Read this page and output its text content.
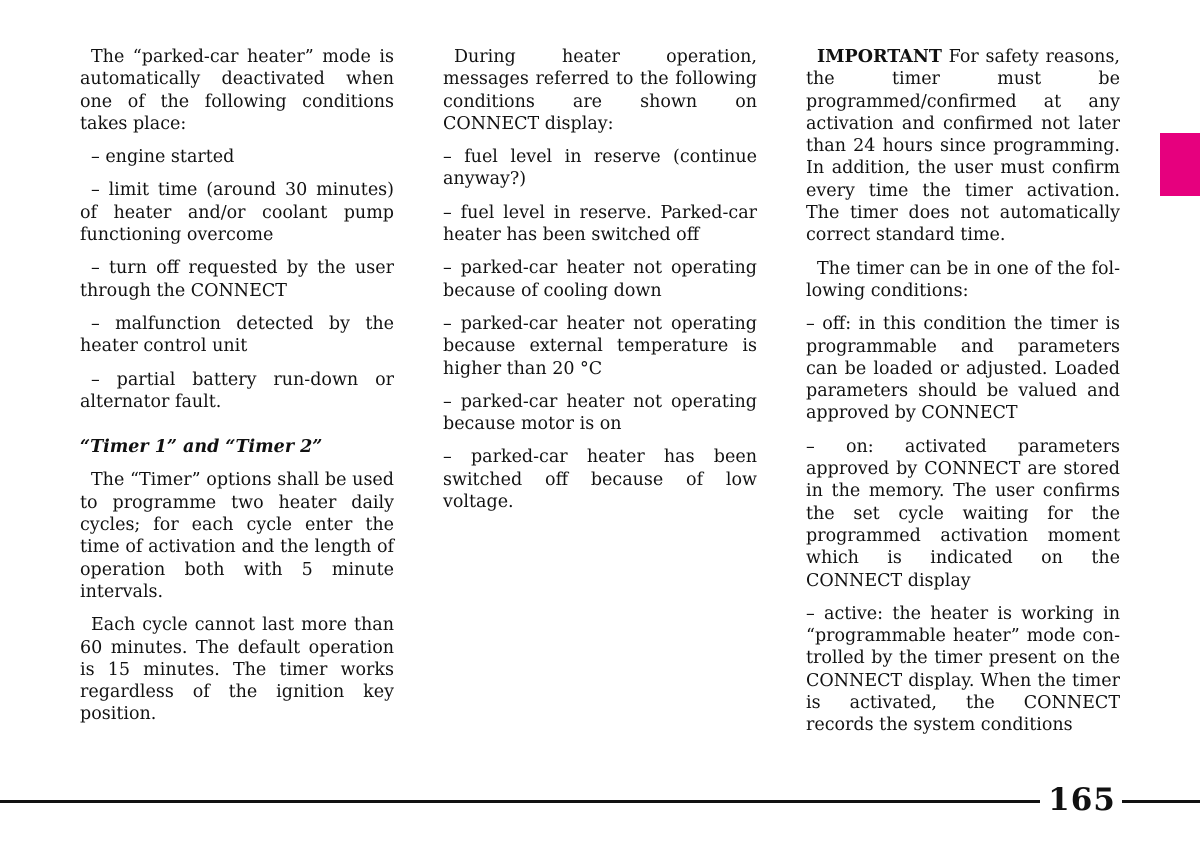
The “parked-car heater” mode is automatically deactivated when one of the following conditions takes place:

– engine started

– limit time (around 30 minutes) of heater and/or coolant pump functioning overcome

– turn off requested by the user through the CONNECT

– malfunction detected by the heater control unit

– partial battery run-down or alternator fault.

“Timer 1” and “Timer 2”

The “Timer” options shall be used to programme two heater daily cycles; for each cycle enter the time of activation and the length of operation both with 5 minute intervals.

Each cycle cannot last more than 60 minutes. The default operation is 15 minutes. The timer works regardless of the ignition key position.

During heater operation, messages referred to the following conditions are shown on CONNECT display:

– fuel level in reserve (continue anyway?)

– fuel level in reserve. Parked-car heater has been switched off

– parked-car heater not operating because of cooling down

– parked-car heater not operating because external temperature is higher than 20 °C

– parked-car heater not operating because motor is on

– parked-car heater has been switched off because of low voltage.

IMPORTANT For safety reasons, the timer must be programmed/confirmed at any activation and confirmed not later than 24 hours since programming. In addition, the user must confirm every time the timer activation. The timer does not automatically correct standard time.

The timer can be in one of the following conditions:

– off: in this condition the timer is programmable and parameters can be loaded or adjusted. Loaded parameters should be valued and approved by CONNECT

– on: activated parameters approved by CONNECT are stored in the memory. The user confirms the set cycle waiting for the programmed activation moment which is indicated on the CONNECT display

– active: the heater is working in “programmable heater” mode controlled by the timer present on the CONNECT display. When the timer is activated, the CONNECT records the system conditions

165
